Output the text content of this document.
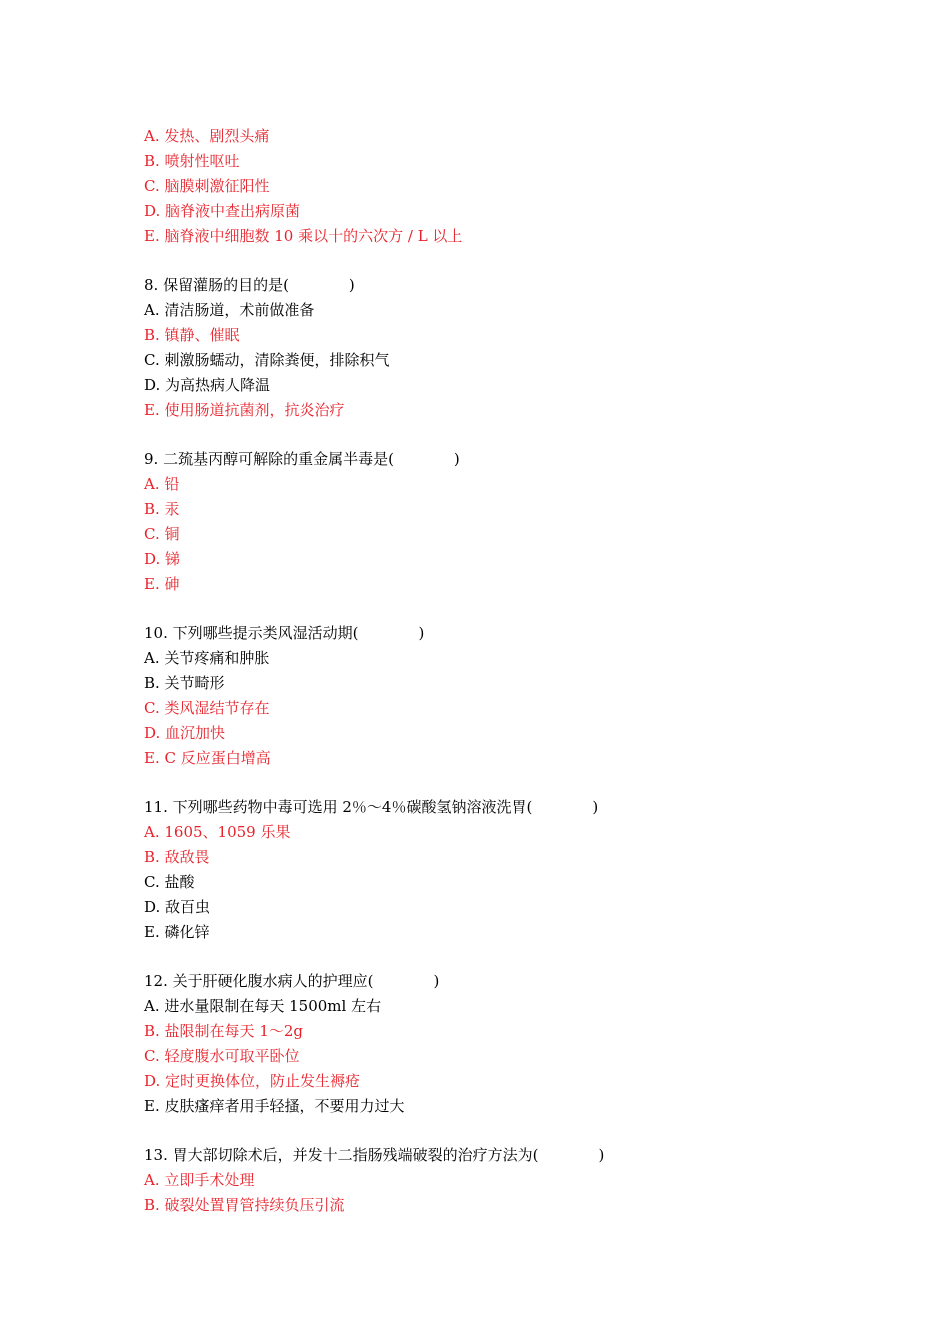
A. 发热、剧烈头痛
B. 喷射性呕吐
C. 脑膜刺激征阳性
D. 脑脊液中查出病原菌
E. 脑脊液中细胞数 10 乘以十的六次方 / L 以上
8. 保留灌肠的目的是(　　　　)
A. 清洁肠道，术前做准备
B. 镇静、催眠
C. 刺激肠蠕动，清除粪便，排除积气
D. 为高热病人降温
E. 使用肠道抗菌剂，抗炎治疗
9. 二巯基丙醇可解除的重金属半毒是(　　　　)
A. 铅
B. 汞
C. 铜
D. 锑
E. 砷
10. 下列哪些提示类风湿活动期(　　　　)
A. 关节疼痛和肿胀
B. 关节畸形
C. 类风湿结节存在
D. 血沉加快
E. C 反应蛋白增高
11. 下列哪些药物中毒可选用 2％～4％碳酸氢钠溶液洗胃(　　　　)
A. 1605、1059 乐果
B. 敌敌畏
C. 盐酸
D. 敌百虫
E. 磷化锌
12. 关于肝硬化腹水病人的护理应(　　　　)
A. 进水量限制在每天 1500ml 左右
B. 盐限制在每天 1～2g
C. 轻度腹水可取平卧位
D. 定时更换体位，防止发生褥疮
E. 皮肤瘙痒者用手轻搔，不要用力过大
13. 胃大部切除术后，并发十二指肠残端破裂的治疗方法为(　　　　)
A. 立即手术处理
B. 破裂处置胃管持续负压引流
